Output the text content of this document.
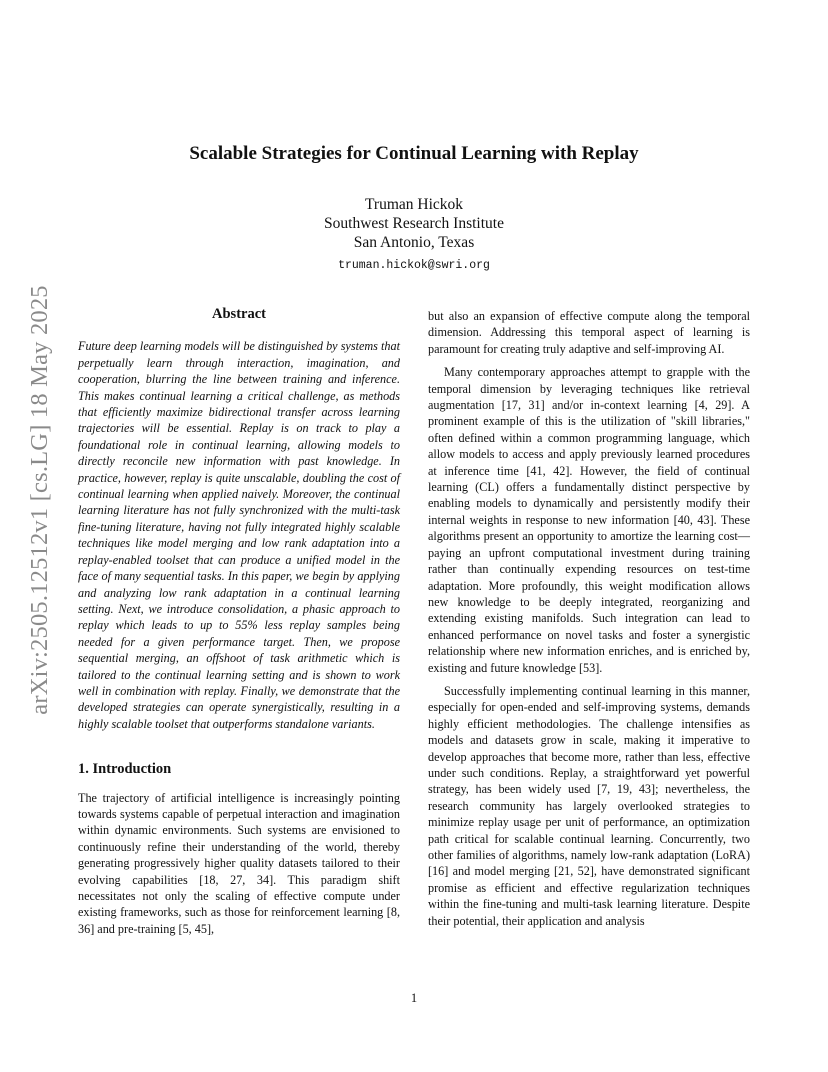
arXiv:2505.12512v1 [cs.LG] 18 May 2025
Scalable Strategies for Continual Learning with Replay
Truman Hickok
Southwest Research Institute
San Antonio, Texas
truman.hickok@swri.org
Abstract

Future deep learning models will be distinguished by systems that perpetually learn through interaction, imagination, and cooperation, blurring the line between training and inference. This makes continual learning a critical challenge, as methods that efficiently maximize bidirectional transfer across learning trajectories will be essential. Replay is on track to play a foundational role in continual learning, allowing models to directly reconcile new information with past knowledge. In practice, however, replay is quite unscalable, doubling the cost of continual learning when applied naively. Moreover, the continual learning literature has not fully synchronized with the multi-task fine-tuning literature, having not fully integrated highly scalable techniques like model merging and low rank adaptation into a replay-enabled toolset that can produce a unified model in the face of many sequential tasks. In this paper, we begin by applying and analyzing low rank adaptation in a continual learning setting. Next, we introduce consolidation, a phasic approach to replay which leads to up to 55% less replay samples being needed for a given performance target. Then, we propose sequential merging, an offshoot of task arithmetic which is tailored to the continual learning setting and is shown to work well in combination with replay. Finally, we demonstrate that the developed strategies can operate synergistically, resulting in a highly scalable toolset that outperforms standalone variants.

1. Introduction

The trajectory of artificial intelligence is increasingly pointing towards systems capable of perpetual interaction and imagination within dynamic environments. Such systems are envisioned to continuously refine their understanding of the world, thereby generating progressively higher quality datasets tailored to their evolving capabilities [18, 27, 34]. This paradigm shift necessitates not only the scaling of effective compute under existing frameworks, such as those for reinforcement learning [8, 36] and pre-training [5, 45],

but also an expansion of effective compute along the temporal dimension. Addressing this temporal aspect of learning is paramount for creating truly adaptive and self-improving AI.

Many contemporary approaches attempt to grapple with the temporal dimension by leveraging techniques like retrieval augmentation [17, 31] and/or in-context learning [4, 29]. A prominent example of this is the utilization of "skill libraries," often defined within a common programming language, which allow models to access and apply previously learned procedures at inference time [41, 42]. However, the field of continual learning (CL) offers a fundamentally distinct perspective by enabling models to dynamically and persistently modify their internal weights in response to new information [40, 43]. These algorithms present an opportunity to amortize the learning cost—paying an upfront computational investment during training rather than continually expending resources on test-time adaptation. More profoundly, this weight modification allows new knowledge to be deeply integrated, reorganizing and extending existing manifolds. Such integration can lead to enhanced performance on novel tasks and foster a synergistic relationship where new information enriches, and is enriched by, existing and future knowledge [53].

Successfully implementing continual learning in this manner, especially for open-ended and self-improving systems, demands highly efficient methodologies. The challenge intensifies as models and datasets grow in scale, making it imperative to develop approaches that become more, rather than less, effective under such conditions. Replay, a straightforward yet powerful strategy, has been widely used [7, 19, 43]; nevertheless, the research community has largely overlooked strategies to minimize replay usage per unit of performance, an optimization path critical for scalable continual learning. Concurrently, two other families of algorithms, namely low-rank adaptation (LoRA) [16] and model merging [21, 52], have demonstrated significant promise as efficient and effective regularization techniques within the fine-tuning and multi-task learning literature. Despite their potential, their application and analysis

1
